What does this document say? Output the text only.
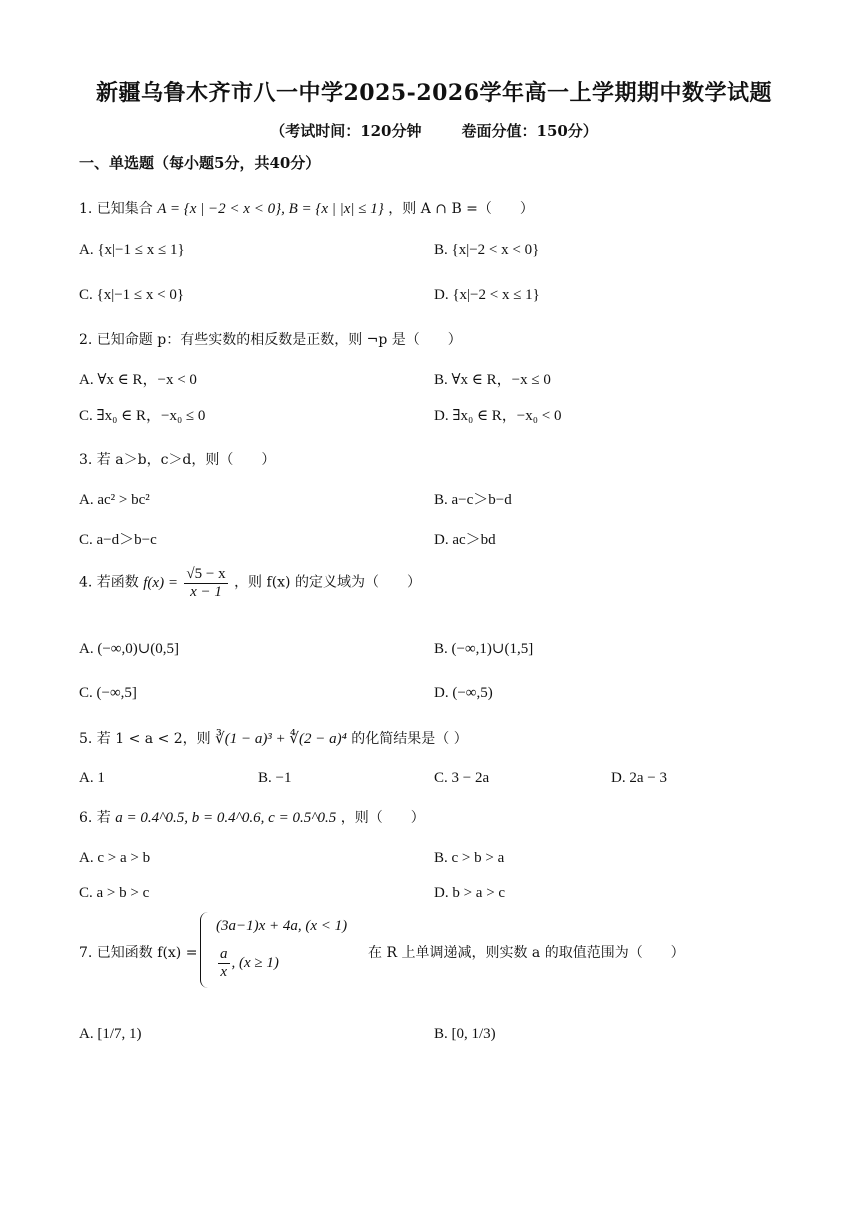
新疆乌鲁木齐市八一中学2025-2026学年高一上学期期中数学试题
（考试时间：120分钟	卷面分值：150分）
一、单选题（每小题5分，共40分）
1. 已知集合 A = {x | −2 < x < 0}, B = {x | |x| ≤ 1} ，则 A ∩ B =（　　）
A. {x|−1 ≤ x ≤ 1}	B. {x|−2 < x < 0}
C. {x|−1 ≤ x < 0}	D. {x|−2 < x ≤ 1}
2. 已知命题 p：有些实数的相反数是正数，则 ¬p 是（　　）
A. ∀x ∈ R，−x < 0	B. ∀x ∈ R，−x ≤ 0
C. ∃x₀ ∈ R，−x₀ ≤ 0	D. ∃x₀ ∈ R，−x₀ < 0
3. 若 a＞b，c＞d，则（　　）
A. ac² > bc²	B. a−c＞b−d
C. a−d＞b−c	D. ac＞bd
4. 若函数 $f(x) = \frac{√5 - x}{x - 1}$ ，则 f(x) 的定义域为（　　）
A. (−∞,0)∪(0,5]	B. (−∞,1)∪(1,5]
C. (−∞,5]	D. (−∞,5)
5. 若 1 < a < 2，则 ∛(1 − a)³ + ∜(2 − a)⁴ 的化简结果是（ ）
A. 1	B. −1	C. 3 − 2a	D. 2a − 3
6. 若 a = 0.4^0.5, b = 0.4^0.6, c = 0.5^0.5 ，则（　　）
A. c > a > b	B. c > b > a
C. a > b > c	D. b > a > c
7. 已知函数 f(x) =
(3a−1)x + 4a, (x < 1)
$\frac{a}{x}$ , (x ≥ 1)
在 R 上单调递减，则实数 a 的取值范围为（　　）
A. [1/7, 1)	B. [0, 1/3)
